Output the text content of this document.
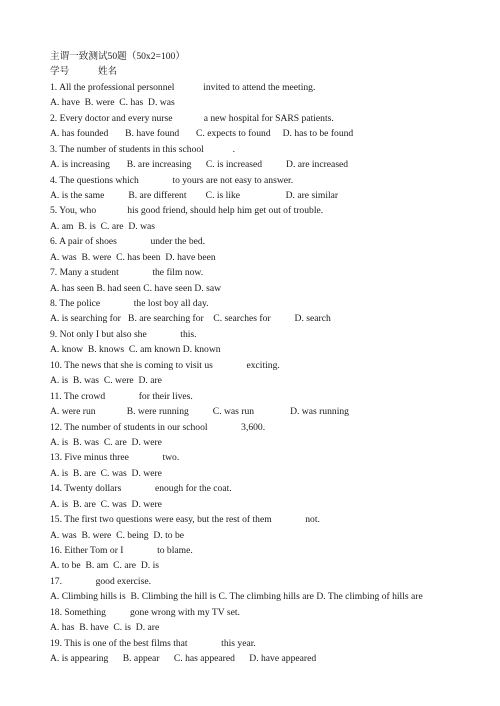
主谓一致测试50题（50x2=100）
学号            姓名
1. All the professional personnel            invited to attend the meeting.
A. have  B. were  C. has  D. was
2. Every doctor and every nurse             a new hospital for SARS patients.
A. has founded       B. have found       C. expects to found     D. has to be found
3. The number of students in this school            .
A. is increasing       B. are increasing      C. is increased          D. are increased
4. The questions which              to yours are not easy to answer.
A. is the same          B. are different        C. is like                   D. are similar
5. You, who             his good friend, should help him get out of trouble.
A. am  B. is  C. are  D. was
6. A pair of shoes              under the bed.
A. was  B. were  C. has been  D. have been
7. Many a student              the film now.
A. has seen B. had seen C. have seen D. saw
8. The police              the lost boy all day.
A. is searching for   B. are searching for    C. searches for          D. search
9. Not only I but also she              this.
A. know  B. knows  C. am known D. known
10. The news that she is coming to visit us              exciting.
A. is  B. was  C. were  D. are
11. The crowd              for their lives.
A. were run             B. were running          C. was run               D. was running
12. The number of students in our school              3,600.
A. is  B. was  C. are  D. were
13. Five minus three              two.
A. is  B. are  C. was  D. were
14. Twenty dollars              enough for the coat.
A. is  B. are  C. was  D. were
15. The first two questions were easy, but the rest of them              not.
A. was  B. were  C. being  D. to be
16. Either Tom or I              to blame.
A. to be  B. am  C. are  D. is
17.              good exercise.
A. Climbing hills is  B. Climbing the hill is C. The climbing hills are D. The climbing of hills are
18. Something          gone wrong with my TV set.
A. has  B. have  C. is  D. are
19. This is one of the best films that              this year.
A. is appearing      B. appear      C. has appeared      D. have appeared
